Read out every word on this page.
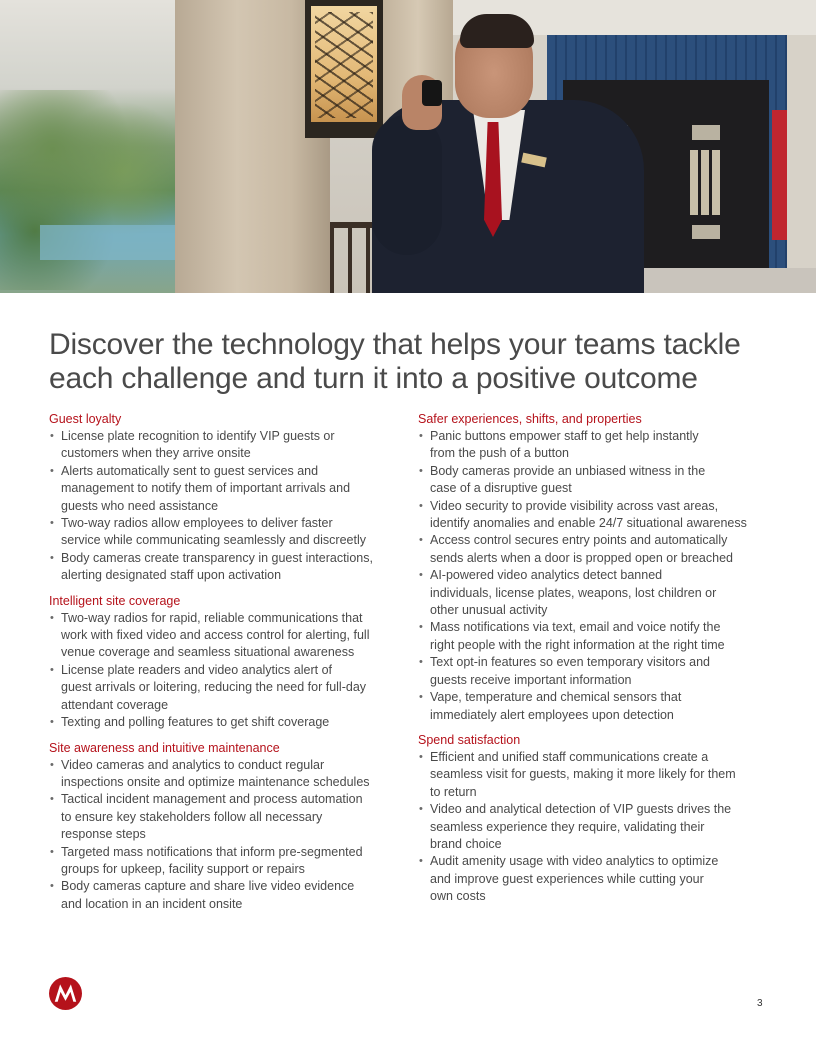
Discover the technology that helps your teams tackle each challenge and turn it into a positive outcome
Guest loyalty
• License plate recognition to identify VIP guests or
customers when they arrive onsite
• Alerts automatically sent to guest services and
management to notify them of important arrivals and
guests who need assistance
• Two-way radios allow employees to deliver faster
service while communicating seamlessly and discreetly
• Body cameras create transparency in guest interactions,
alerting designated staff upon activation
Intelligent site coverage
• Two-way radios for rapid, reliable communications that
work with fixed video and access control for alerting, full
venue coverage and seamless situational awareness
• License plate readers and video analytics alert of
guest arrivals or loitering, reducing the need for full-day
attendant coverage
• Texting and polling features to get shift coverage
Site awareness and intuitive maintenance
• Video cameras and analytics to conduct regular
inspections onsite and optimize maintenance schedules
• Tactical incident management and process automation
to ensure key stakeholders follow all necessary
response steps
• Targeted mass notifications that inform pre-segmented
groups for upkeep, facility support or repairs
• Body cameras capture and share live video evidence
and location in an incident onsite
Safer experiences, shifts, and properties
• Panic buttons empower staff to get help instantly
from the push of a button
• Body cameras provide an unbiased witness in the
case of a disruptive guest
• Video security to provide visibility across vast areas,
identify anomalies and enable 24/7 situational awareness
• Access control secures entry points and automatically
sends alerts when a door is propped open or breached
• AI-powered video analytics detect banned
individuals, license plates, weapons, lost children or
other unusual activity
• Mass notifications via text, email and voice notify the
right people with the right information at the right time
• Text opt-in features so even temporary visitors and
guests receive important information
• Vape, temperature and chemical sensors that
immediately alert employees upon detection
Spend satisfaction
• Efficient and unified staff communications create a
seamless visit for guests, making it more likely for them
to return
• Video and analytical detection of VIP guests drives the
seamless experience they require, validating their
brand choice
• Audit amenity usage with video analytics to optimize
and improve guest experiences while cutting your
own costs
3
